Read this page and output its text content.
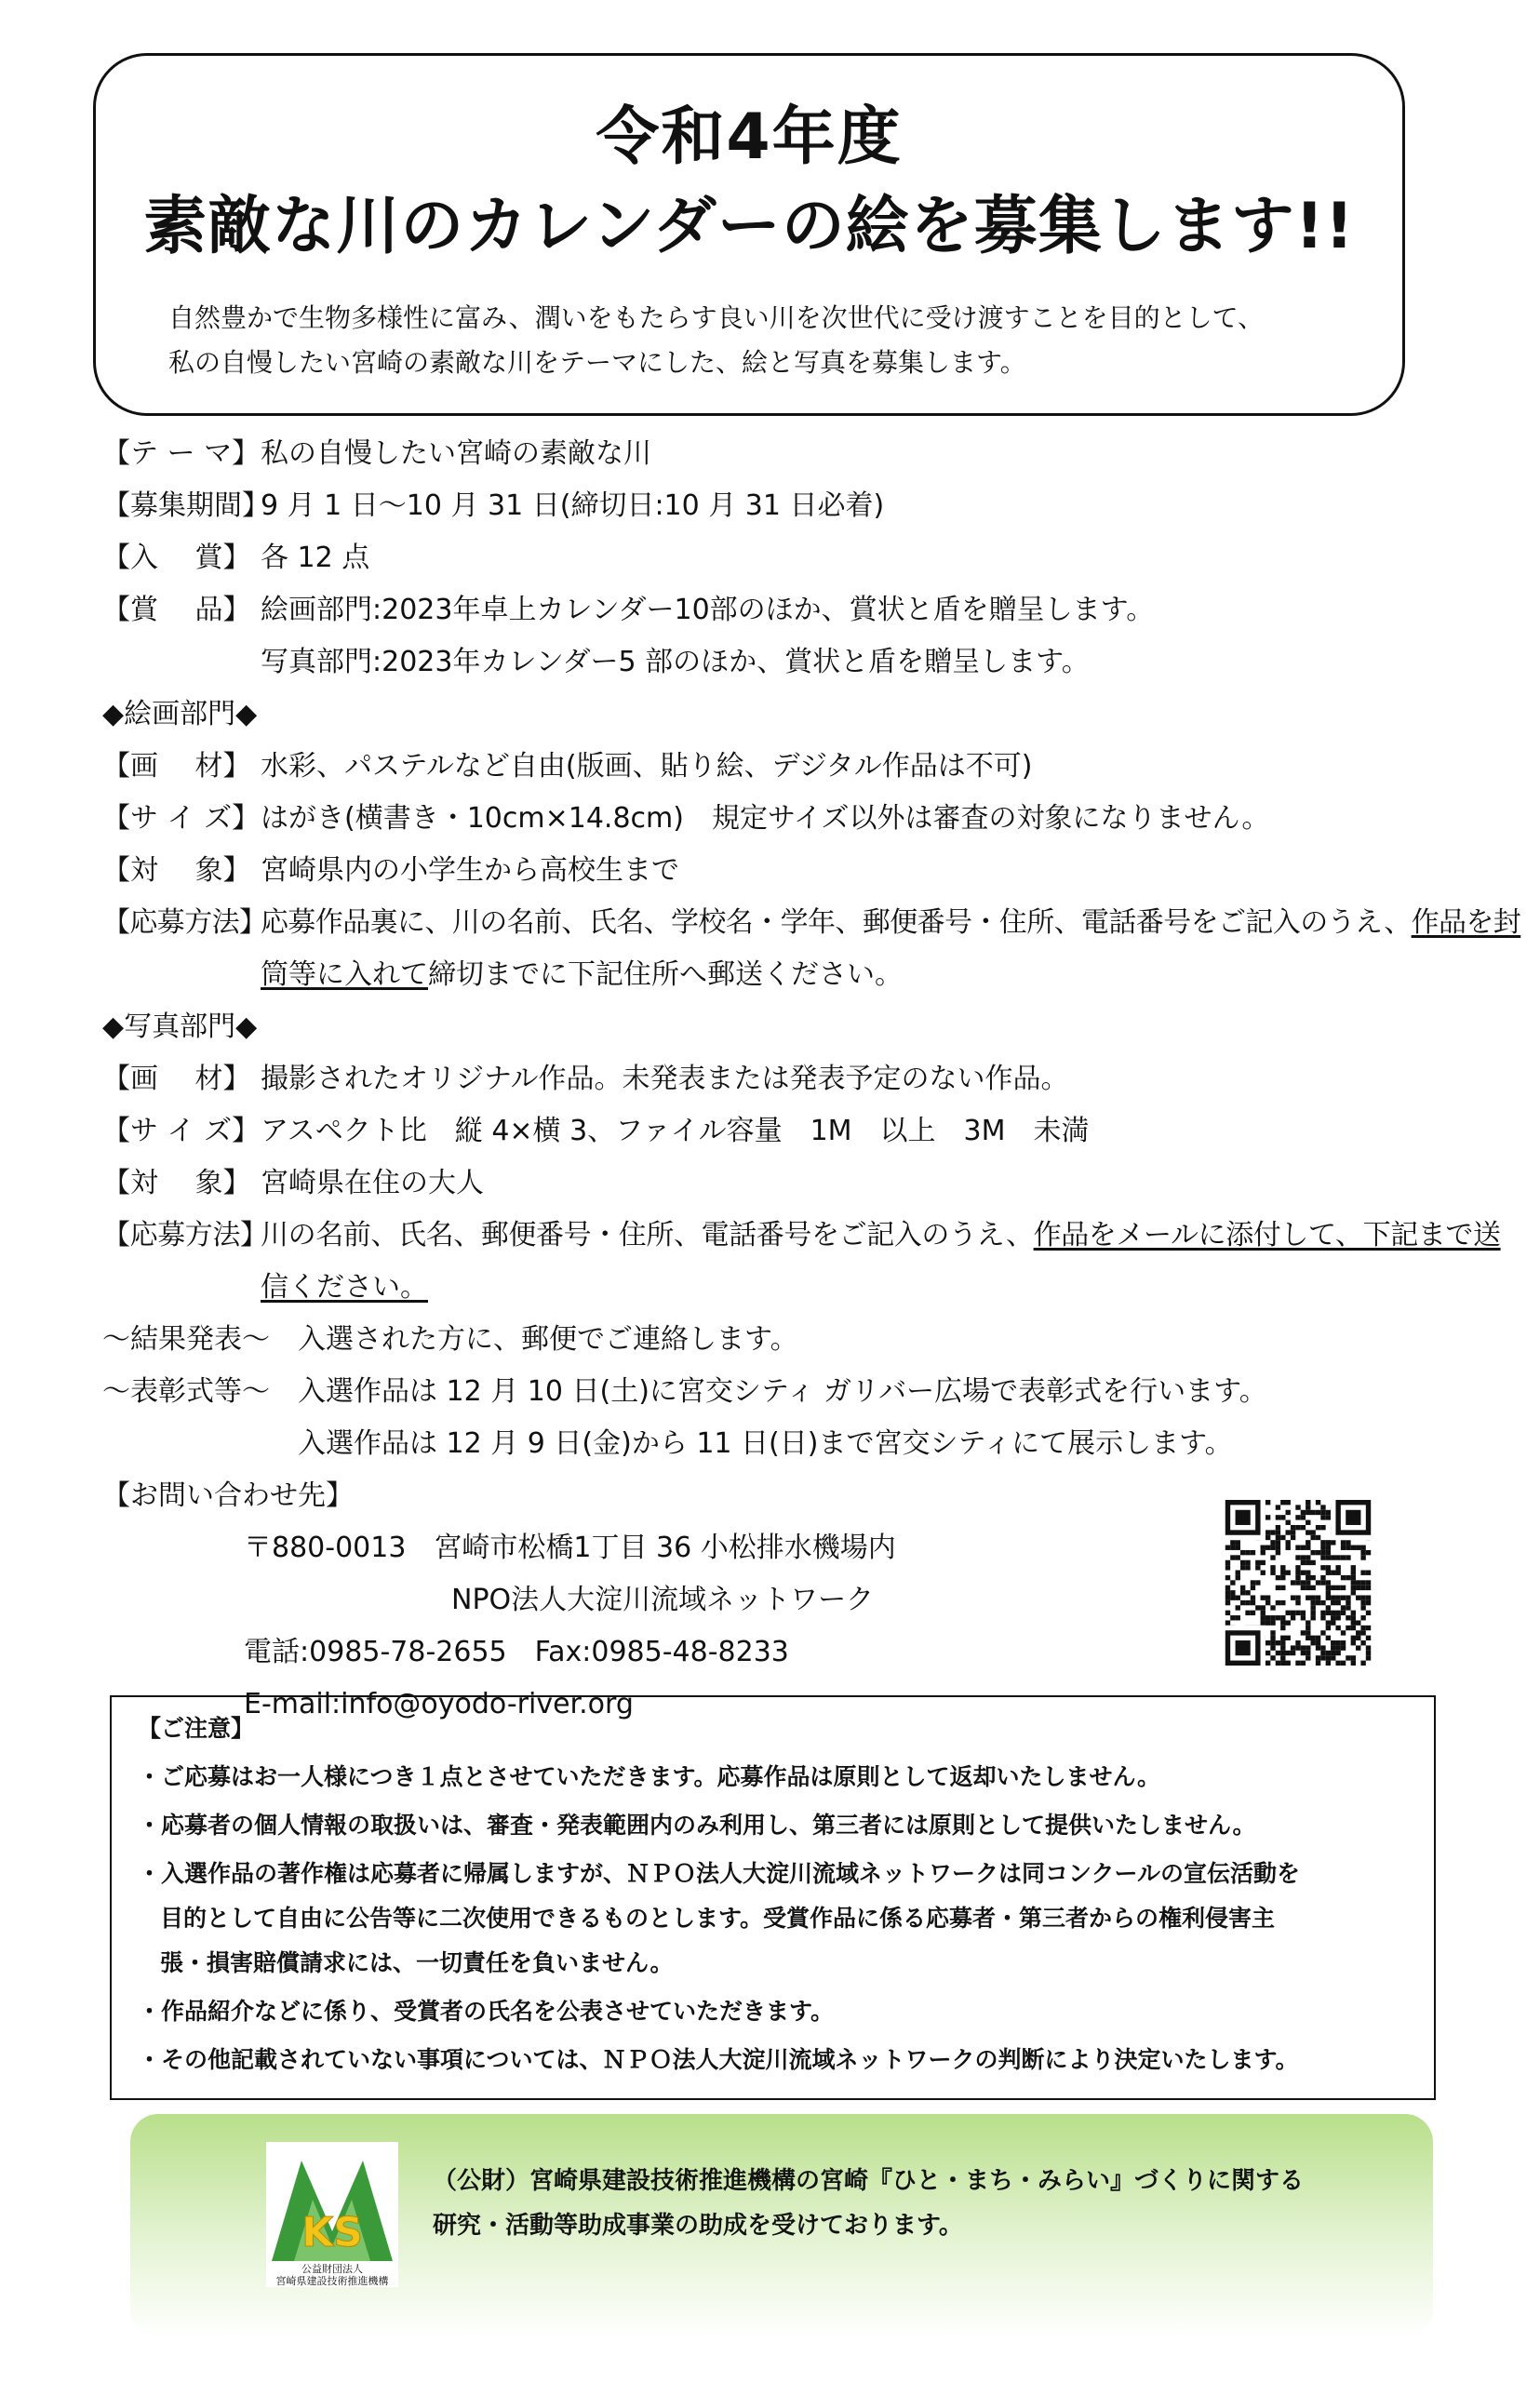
令和4年度
素敵な川のカレンダーの絵を募集します!!

自然豊かで生物多様性に富み、潤いをもたらす良い川を次世代に受け渡すことを目的として、

私の自慢したい宮崎の素敵な川をテーマにした、絵と写真を募集します。

【テ ー マ】私の自慢したい宮崎の素敵な川
【募集期間】9 月 1 日～10 月 31 日(締切日:10 月 31 日必着)
【入　 賞】 各 12 点
【賞　 品】 絵画部門:2023年卓上カレンダー10部のほか、賞状と盾を贈呈します。
写真部門:2023年カレンダー5 部のほか、賞状と盾を贈呈します。
◆絵画部門◆
【画　 材】 水彩、パステルなど自由(版画、貼り絵、デジタル作品は不可)
【サ イ ズ】はがき(横書き・10cm×14.8cm)　規定サイズ以外は審査の対象になりません。
【対　 象】 宮崎県内の小学生から高校生まで
【応募方法】応募作品裏に、川の名前、氏名、学校名・学年、郵便番号・住所、電話番号をご記入のうえ、作品を封
筒等に入れて締切までに下記住所へ郵送ください。
◆写真部門◆
【画　 材】 撮影されたオリジナル作品。未発表または発表予定のない作品。
【サ イ ズ】アスペクト比　縦 4×横 3、ファイル容量　1M　以上　3M　未満
【対　 象】 宮崎県在住の大人
【応募方法】川の名前、氏名、郵便番号・住所、電話番号をご記入のうえ、作品をメールに添付して、下記まで送
信ください。
～結果発表～ 入選された方に、郵便でご連絡します。
～表彰式等～ 入選作品は 12 月 10 日(土)に宮交シティ ガリバー広場で表彰式を行います。
入選作品は 12 月 9 日(金)から 11 日(日)まで宮交シティにて展示します。
【お問い合わせ先】
〒880-0013　宮崎市松橋1丁目 36 小松排水機場内
NPO法人大淀川流域ネットワーク
電話:0985-78-2655　Fax:0985-48-8233
E-mail:info@oyodo-river.org
【ご注意】
・ご応募はお一人様につき１点とさせていただきます。応募作品は原則として返却いたしません。
・応募者の個人情報の取扱いは、審査・発表範囲内のみ利用し、第三者には原則として提供いたしません。
・入選作品の著作権は応募者に帰属しますが、ＮＰＯ法人大淀川流域ネットワークは同コンクールの宣伝活動を
目的として自由に公告等に二次使用できるものとします。受賞作品に係る応募者・第三者からの権利侵害主
張・損害賠償請求には、一切責任を負いません。
・作品紹介などに係り、受賞者の氏名を公表させていただきます。
・その他記載されていない事項については、ＮＰＯ法人大淀川流域ネットワークの判断により決定いたします。
KS
公益財団法人
宮崎県建設技術推進機構

（公財）宮崎県建設技術推進機構の宮崎『ひと・まち・みらい』づくりに関する

研究・活動等助成事業の助成を受けております。
